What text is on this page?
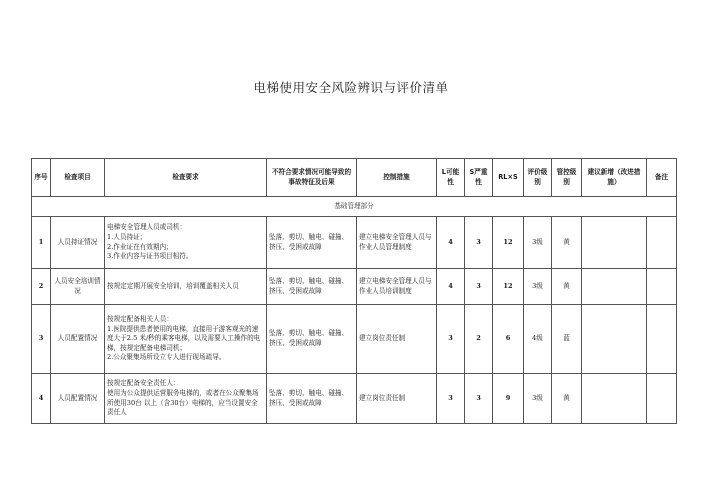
电梯使用安全风险辨识与评价清单
序号	检查项目	检查要求	不符合要求情况可能导致的事故特征及后果	控制措施	L可能性	S严重性	RL×S	评价级别	管控级别	建议新增（改进措施）	备注
基础管理部分											
1	人员持证情况	电梯安全管理人员或司机：
1.人员持证；
2.作业证在有效期内；
3.作业内容与证书项目相符。	坠落、剪切、触电、碰撞、挤压、受困或故障	建立电梯安全管理人员与作业人员管理制度	4	3	12	3级	黄		
2	人员安全培训情况	按规定定期开展安全培训，培训覆盖相关人员	坠落、剪切、触电、碰撞、挤压、受困或故障	建立电梯安全管理人员与作业人员培训制度	4	3	12	3级	黄		
3	人员配置情况	按规定配备相关人员：
1.医院提供患者使用的电梯，直接用于游客观光的速度大于2.5 米/秒的乘客电梯，以及需要人工操作的电梯，按规定配备电梯司机；
2.公众聚集场所设立专人进行现场疏导。	坠落、剪切、触电、碰撞、挤压、受困或故障	建立岗位责任制	3	2	6	4级	蓝		
4	人员配置情况	按规定配备安全责任人：
使用为公众提供运营服务电梯的，或者在公众聚集场所使用30台 以上（含30台）电梯的，应当设置安全责任人	坠落、剪切、触电、碰撞、挤压、受困或故障	建立岗位责任制	3	3	9	3级	黄		
